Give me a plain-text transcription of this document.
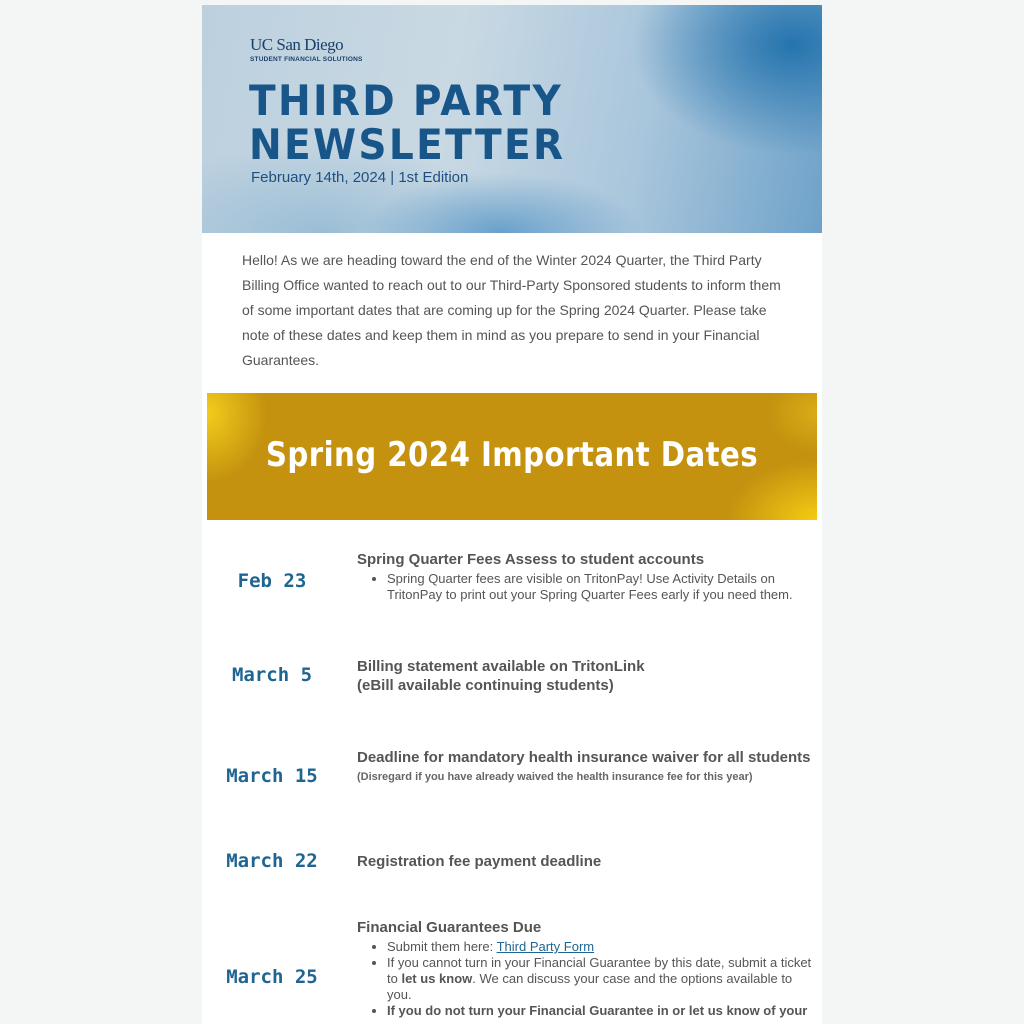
UC San Diego
STUDENT FINANCIAL SOLUTIONS
THIRD PARTY
NEWSLETTER
February 14th, 2024 | 1st Edition

Hello! As we are heading toward the end of the Winter 2024 Quarter, the Third Party Billing Office wanted to reach out to our Third-Party Sponsored students to inform them of some important dates that are coming up for the Spring 2024 Quarter. Please take note of these dates and keep them in mind as you prepare to send in your Financial Guarantees.

Spring 2024 Important Dates
Feb 23
Spring Quarter Fees Assess to student accounts
• Spring Quarter fees are visible on TritonPay! Use Activity Details on TritonPay to print out your Spring Quarter Fees early if you need them.
March 5	Billing statement available on TritonLink
(eBill available continuing students)
March 15
Deadline for mandatory health insurance waiver for all students
(Disregard if you have already waived the health insurance fee for this year)
March 22	Registration fee payment deadline
March 25
Financial Guarantees Due
• Submit them here: Third Party Form
• If you cannot turn in your Financial Guarantee by this date, submit a ticket to let us know. We can discuss your case and the options available to you.
• If you do not turn your Financial Guarantee in or let us know of your
